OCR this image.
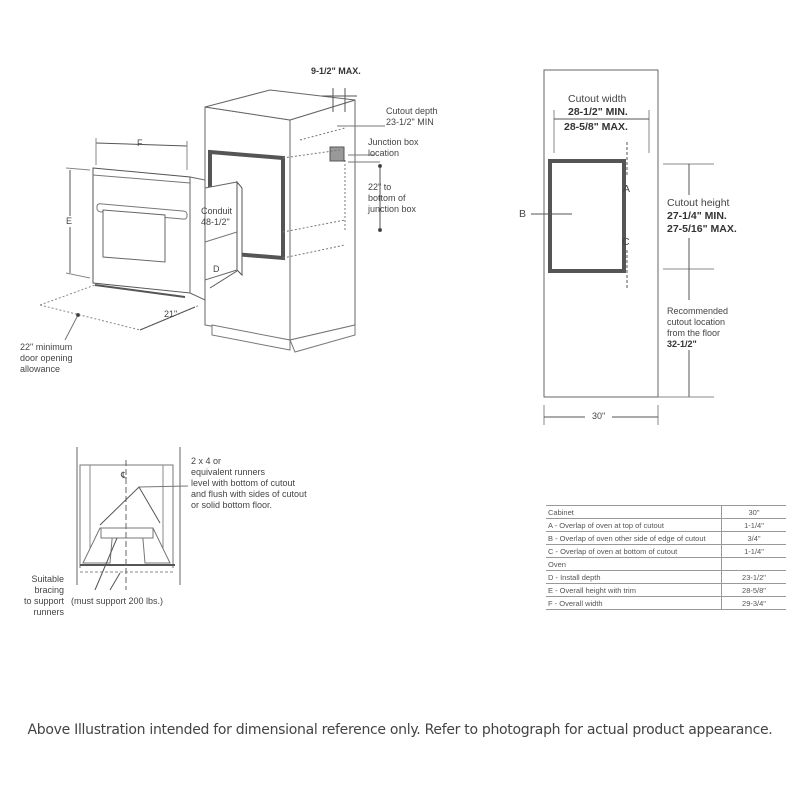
9-1/2" MAX.
Cutout depth
23-1/2" MIN
Junction box
location
22" to
bottom of
junction box
Conduit
48-1/2"
F
E
D
21"
22" minimum
door opening
allowance
Cutout width
28-1/2" MIN.
28-5/8" MAX.
A
B
C
Cutout height
27-1/4" MIN.
27-5/16" MAX.
Recommended
cutout location
from the floor
32-1/2"
30"
℄
2 x 4 or
equivalent runners
level with bottom of cutout
and flush with sides of cutout
or solid bottom floor.
Suitable
bracing
to support
runners
(must support 200 lbs.)
Cabinet	30"
A - Overlap of oven at top of cutout	1-1/4"
B - Overlap of oven other side of edge of cutout	3/4"
C - Overlap of oven at bottom of cutout	1-1/4"
Oven	
D - Install depth	23-1/2"
E - Overall height with trim	28-5/8"
F - Overall width	29-3/4"
Above Illustration intended for dimensional reference only. Refer to photograph for actual product appearance.
